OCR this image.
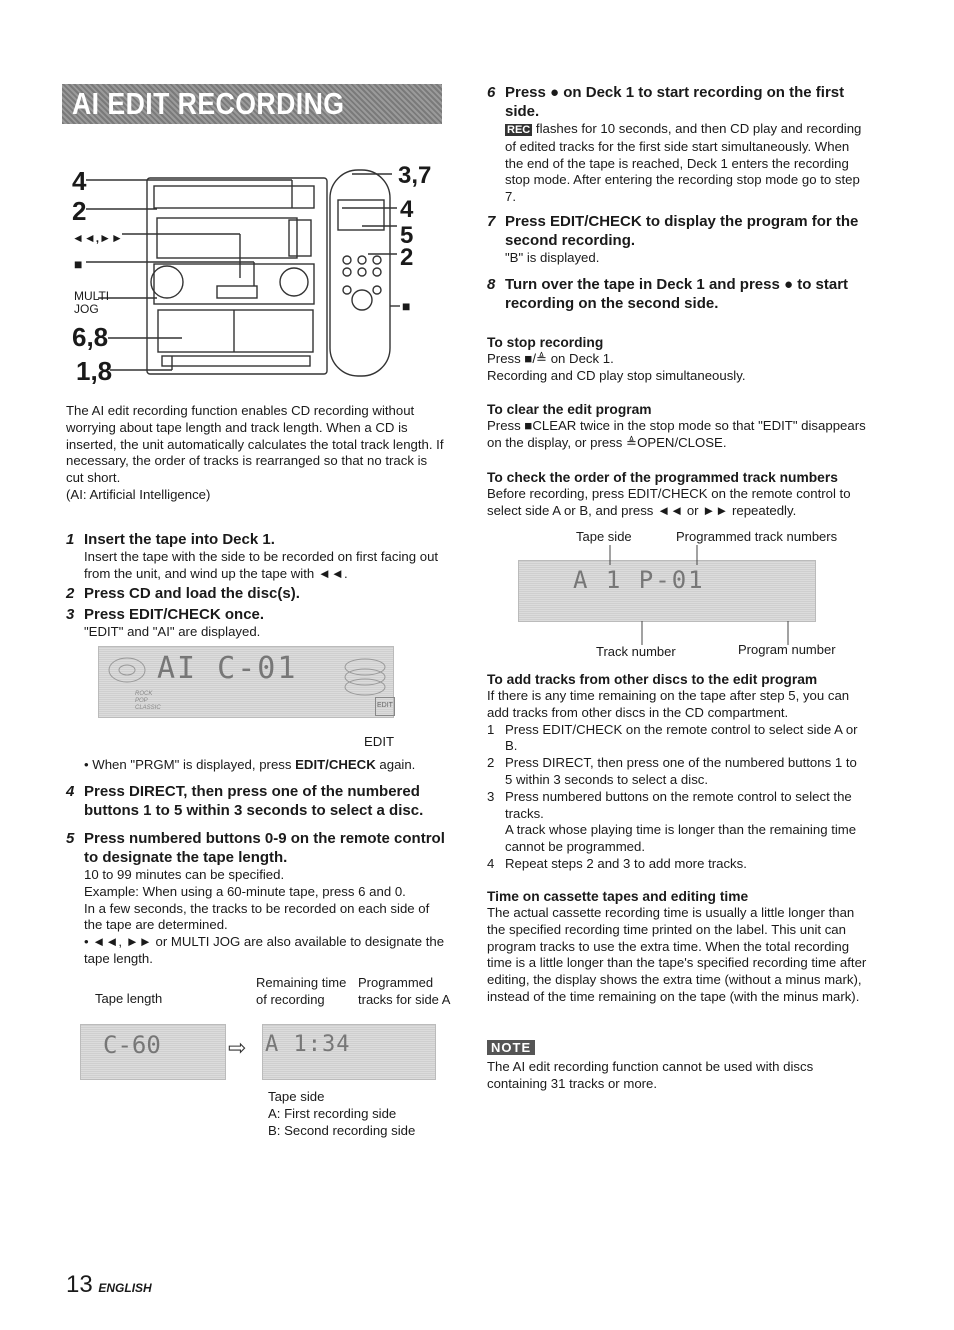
AI EDIT RECORDING
4
2
◄◄,►►
■
MULTI
JOG
6,8
1,8
3,7
4
5
2
■

The AI edit recording function enables CD recording without worrying about tape length and track length. When a CD is inserted, the unit automatically calculates the total track length. If necessary, the order of tracks is rearranged so that no track is cut short.

(AI: Artificial Intelligence)

1 Insert the tape into Deck 1.
Insert the tape with the side to be recorded on first facing out from the unit, and wind up the tape with ◄◄.
2 Press CD and load the disc(s).
3 Press EDIT/CHECK once.
"EDIT" and "AI" are displayed.
AI C-01
ROCK POP CLASSIC	EDIT
EDIT
• When "PRGM" is displayed, press EDIT/CHECK again.
4 Press DIRECT, then press one of the numbered buttons 1 to 5 within 3 seconds to select a disc.
5 Press numbered buttons 0-9 on the remote control to designate the tape length.
10 to 99 minutes can be specified.
Example: When using a 60-minute tape, press 6 and 0.
In a few seconds, the tracks to be recorded on each side of the tape are determined.
• ◄◄, ►► or MULTI JOG are also available to designate the tape length.
Tape length
Remaining time of recording
Programmed tracks for side A
C-60	⇨ A 1:34
Tape side
A: First recording side
B: Second recording side
6 Press ● on Deck 1 to start recording on the first side.
REC flashes for 10 seconds, and then CD play and recording of edited tracks for the first side start simultaneously. When the end of the tape is reached, Deck 1 enters the recording stop mode. After entering the recording stop mode go to step 7.
7 Press EDIT/CHECK to display the program for the second recording.
"B" is displayed.
8 Turn over the tape in Deck 1 and press ● to start recording on the second side.
To stop recording
Press ■/≜ on Deck 1.
Recording and CD play stop simultaneously.
To clear the edit program
Press ■CLEAR twice in the stop mode so that "EDIT" disappears on the display, or press ≜OPEN/CLOSE.
To check the order of the programmed track numbers
Before recording, press EDIT/CHECK on the remote control to select side A or B, and press ◄◄ or ►► repeatedly.
Tape side	Programmed track numbers
A 1 P-01
Track number	Program number
To add tracks from other discs to the edit program
If there is any time remaining on the tape after step 5, you can add tracks from other discs in the CD compartment.
1 Press EDIT/CHECK on the remote control to select side A or B.
2 Press DIRECT, then press one of the numbered buttons 1 to 5 within 3 seconds to select a disc.
3 Press numbered buttons on the remote control to select the tracks.
A track whose playing time is longer than the remaining time cannot be programmed.
4 Repeat steps 2 and 3 to add more tracks.
Time on cassette tapes and editing time
The actual cassette recording time is usually a little longer than the specified recording time printed on the label. This unit can program tracks to use the extra time. When the total recording time is a little longer than the tape's specified recording time after editing, the display shows the extra time (without a minus mark), instead of the time remaining on the tape (with the minus mark).
NOTE
The AI edit recording function cannot be used with discs containing 31 tracks or more.
13 ENGLISH
